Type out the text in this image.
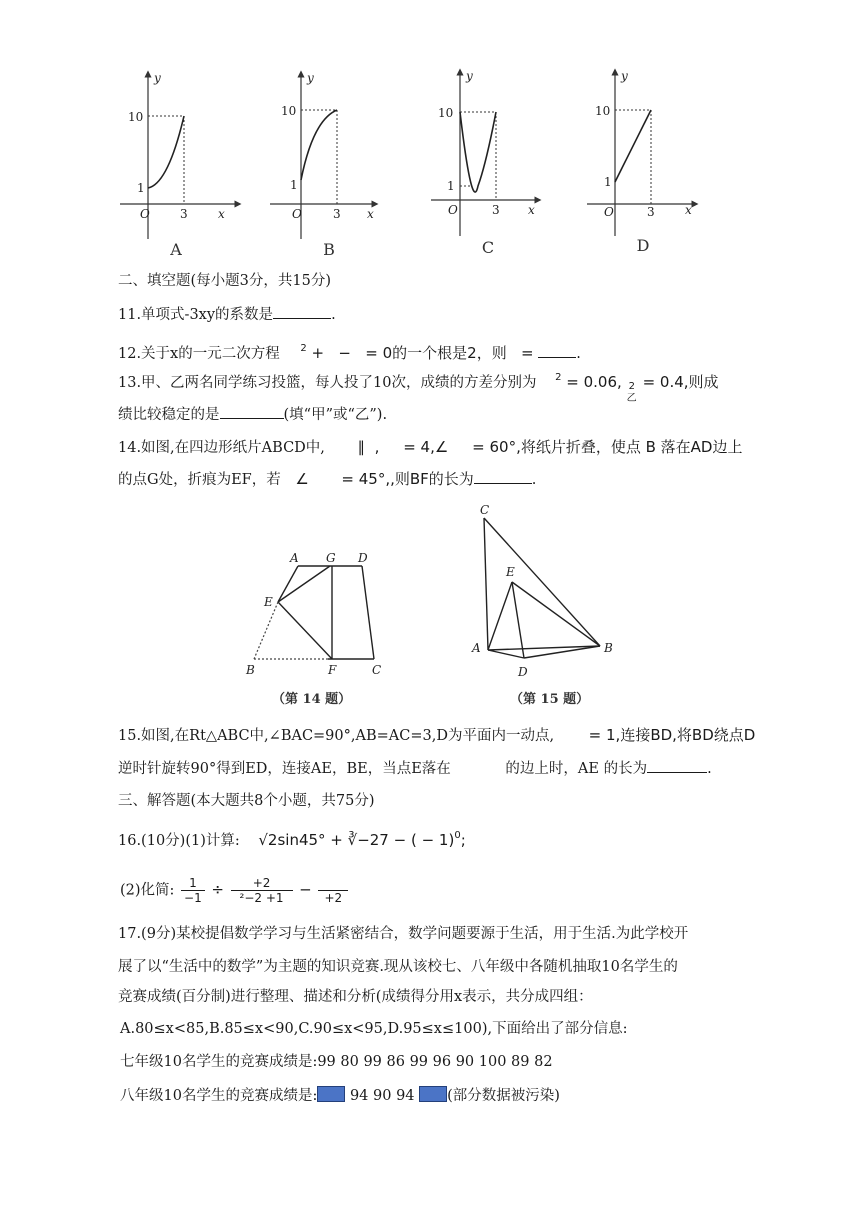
y
x
O
10
1
3
A
y
x
O
10
1
3
B
y
x
O
10
1
3
C
y
x
O
10
1
3
D
二、填空题(每小题3分，共15分)
11.单项式-3xy的系数是	.
12.关于x的一元二次方程 $^2$ + − = 0的一个根是2，则 =	.
13.甲、乙两名同学练习投篮，每人投了10次，成绩的方差分别为 $^2$ = 0.06, 2
乙
= 0.4,则成
绩比较稳定的是	(填“甲”或“乙”).
14.如图,在四边形纸片ABCD中, ∥ , = 4,∠ = 60°,将纸片折叠，使点 B 落在AD边上
的点G处，折痕为EF，若 ∠ = 45°,,则BF的长为	.
A G D
E
B	F	C
（第 14 题）
C
E
A
D
B
（第 15 题）
15.如图,在Rt△ABC中,∠BAC=90°,AB=AC=3,D为平面内一动点, = 1,连接BD,将BD绕点D
逆时针旋转90°得到ED，连接AE，BE，当点E落在	的边上时，AE 的长为	.
三、解答题(本大题共8个小题，共75分)
16.(10分)(1)计算: √2sin45° + ∛−27 − ( − 1)$^0$;
(2)化简: $\frac{1}{-1} \div \frac{+2}{\text{²−2 +1}}$ −
	+2
17.(9分)某校提倡数学学习与生活紧密结合，数学问题要源于生活，用于生活.为此学校开
展了以“生活中的数学”为主题的知识竞赛.现从该校七、八年级中各随机抽取10名学生的
竞赛成绩(百分制)进行整理、描述和分析(成绩得分用x表示，共分成四组：
A.80≤x<85,B.85≤x<90,C.90≤x<95,D.95≤x≤100),下面给出了部分信息:
七年级10名学生的竞赛成绩是:99 80 99 86 99 96 90 100 89 82
八年级10名学生的竞赛成绩是: 94 90 94 (部分数据被污染)
